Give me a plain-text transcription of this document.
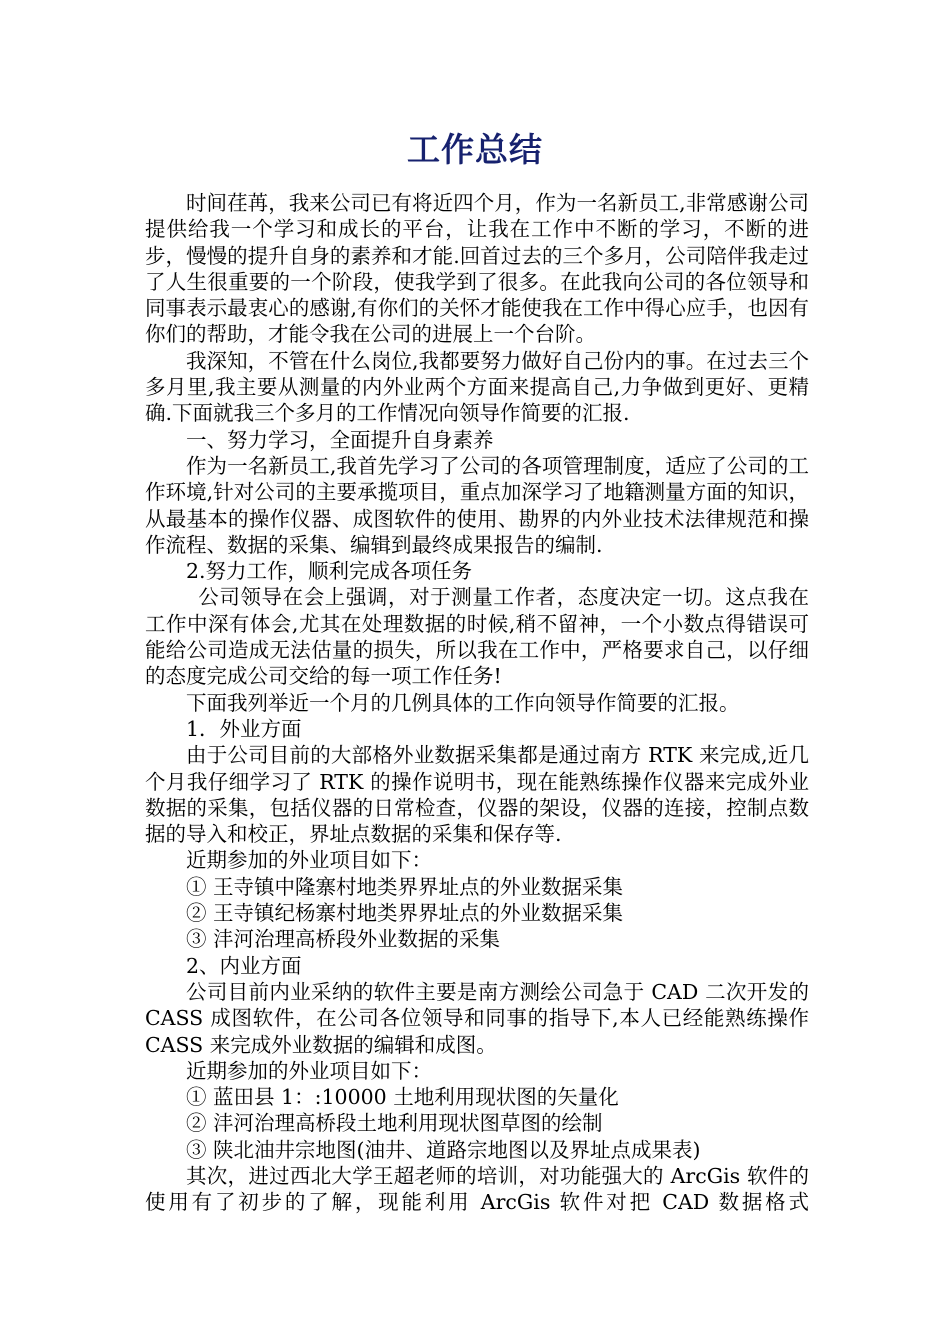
工作总结

时间荏苒，我来公司已有将近四个月，作为一名新员工,非常感谢公司提供给我一个学习和成长的平台，让我在工作中不断的学习，不断的进步，慢慢的提升自身的素养和才能.回首过去的三个多月，公司陪伴我走过了人生很重要的一个阶段，使我学到了很多。在此我向公司的各位领导和同事表示最衷心的感谢,有你们的关怀才能使我在工作中得心应手，也因有你们的帮助，才能令我在公司的进展上一个台阶。

我深知，不管在什么岗位,我都要努力做好自己份内的事。在过去三个多月里,我主要从测量的内外业两个方面来提高自己,力争做到更好、更精确.下面就我三个多月的工作情况向领导作简要的汇报.

一、努力学习，全面提升自身素养

作为一名新员工,我首先学习了公司的各项管理制度，适应了公司的工作环境,针对公司的主要承揽项目，重点加深学习了地籍测量方面的知识，从最基本的操作仪器、成图软件的使用、勘界的内外业技术法律规范和操作流程、数据的采集、编辑到最终成果报告的编制.

2.努力工作，顺利完成各项任务

公司领导在会上强调，对于测量工作者，态度决定一切。这点我在工作中深有体会,尤其在处理数据的时候,稍不留神，一个小数点得错误可能给公司造成无法估量的损失，所以我在工作中，严格要求自己，以仔细的态度完成公司交给的每一项工作任务!

下面我列举近一个月的几例具体的工作向领导作简要的汇报。

1．外业方面

由于公司目前的大部格外业数据采集都是通过南方 RTK 来完成,近几个月我仔细学习了 RTK 的操作说明书，现在能熟练操作仪器来完成外业数据的采集，包括仪器的日常检查，仪器的架设，仪器的连接，控制点数据的导入和校正，界址点数据的采集和保存等.

近期参加的外业项目如下：

① 王寺镇中隆寨村地类界界址点的外业数据采集

② 王寺镇纪杨寨村地类界界址点的外业数据采集

③ 沣河治理高桥段外业数据的采集

2、内业方面

公司目前内业采纳的软件主要是南方测绘公司急于 CAD 二次开发的 CASS 成图软件，在公司各位领导和同事的指导下,本人已经能熟练操作 CASS 来完成外业数据的编辑和成图。

近期参加的外业项目如下：

① 蓝田县 1：:10000 土地利用现状图的矢量化

② 沣河治理高桥段土地利用现状图草图的绘制

③ 陕北油井宗地图(油井、道路宗地图以及界址点成果表)

其次，进过西北大学王超老师的培训，对功能强大的 ArcGis 软件的使用有了初步的了解，现能利用 ArcGis 软件对把 CAD 数据格式
